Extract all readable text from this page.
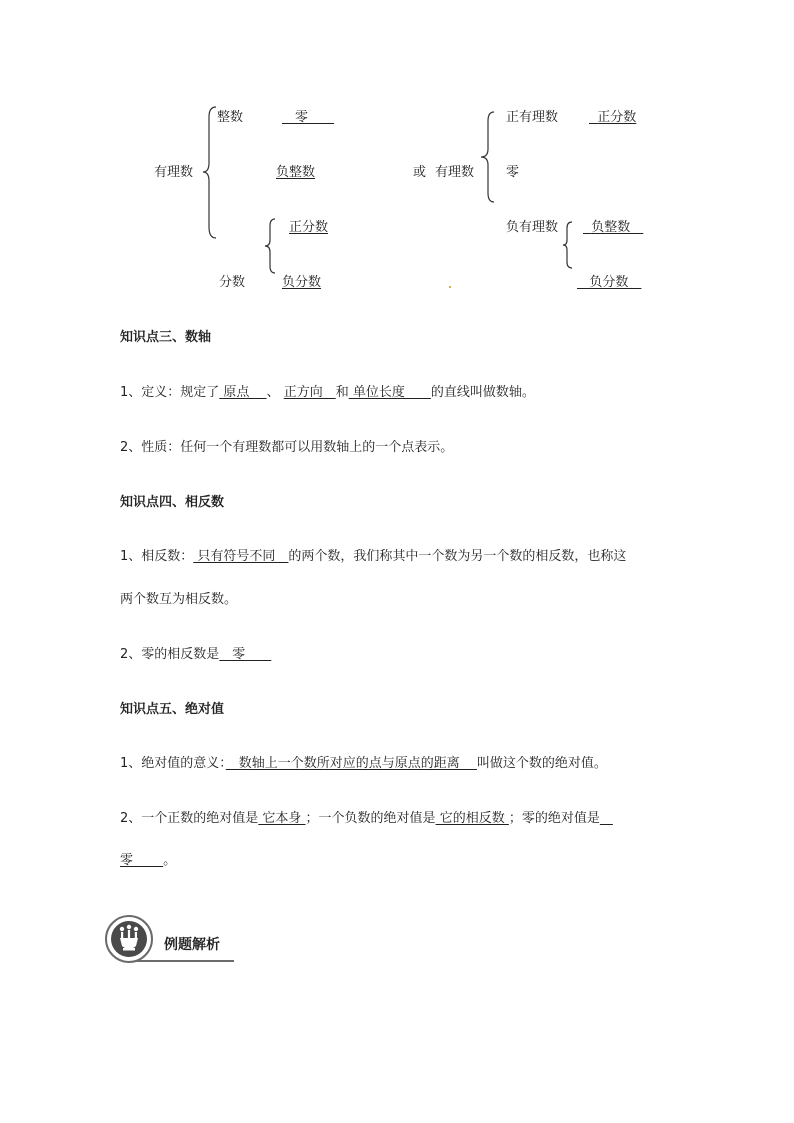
整数	　零　　
有理数	负整数
正分数
分数	负分数
或 有理数
正有理数	正分数
零
负有理数	负整数　
负分数　
知识点三、数轴
1、定义：规定了 原点　 、 正方向　和 单位长度　　的直线叫做数轴。
2、性质：任何一个有理数都可以用数轴上的一个点表示。
知识点四、相反数
1、相反数： 只有符号不同　的两个数，我们称其中一个数为另一个数的相反数，也称这
两个数互为相反数。
2、零的相反数是　零　　
知识点五、绝对值
1、绝对值的意义：　数轴上一个数所对应的点与原点的距离　 叫做这个数的绝对值。
2、一个正数的绝对值是 它本身 ；一个负数的绝对值是 它的相反数 ；零的绝对值是　
零　　 。
例题解析
